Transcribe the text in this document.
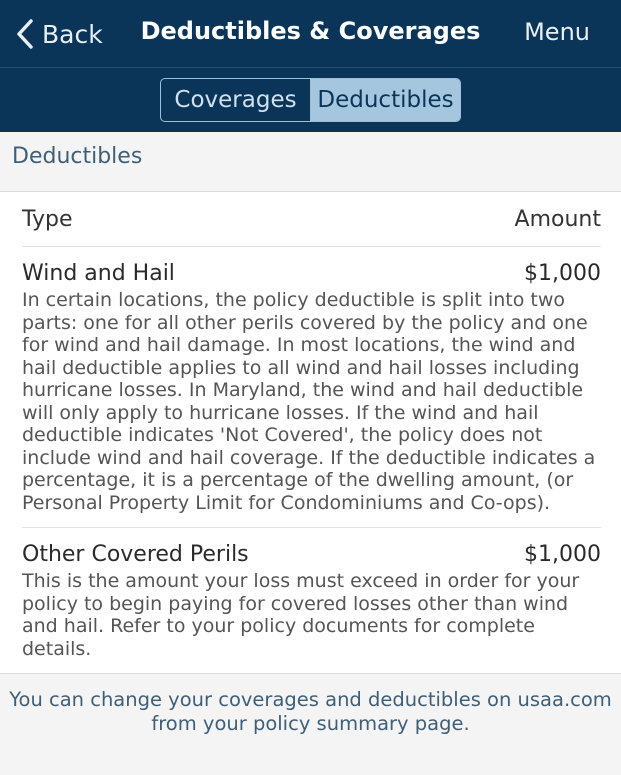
Back	Deductibles & Coverages	Menu
Coverages Deductibles
Deductibles
Type	Amount
Wind and Hail	$1,000
In certain locations, the policy deductible is split into two parts: one for all other perils covered by the policy and one for wind and hail damage. In most locations, the wind and hail deductible applies to all wind and hail losses including hurricane losses. In Maryland, the wind and hail deductible will only apply to hurricane losses. If the wind and hail deductible indicates 'Not Covered', the policy does not include wind and hail coverage. If the deductible indicates a percentage, it is a percentage of the dwelling amount, (or Personal Property Limit for Condominiums and Co-ops).
Other Covered Perils	$1,000
This is the amount your loss must exceed in order for your policy to begin paying for covered losses other than wind and hail. Refer to your policy documents for complete details.
You can change your coverages and deductibles on usaa.com from your policy summary page.
